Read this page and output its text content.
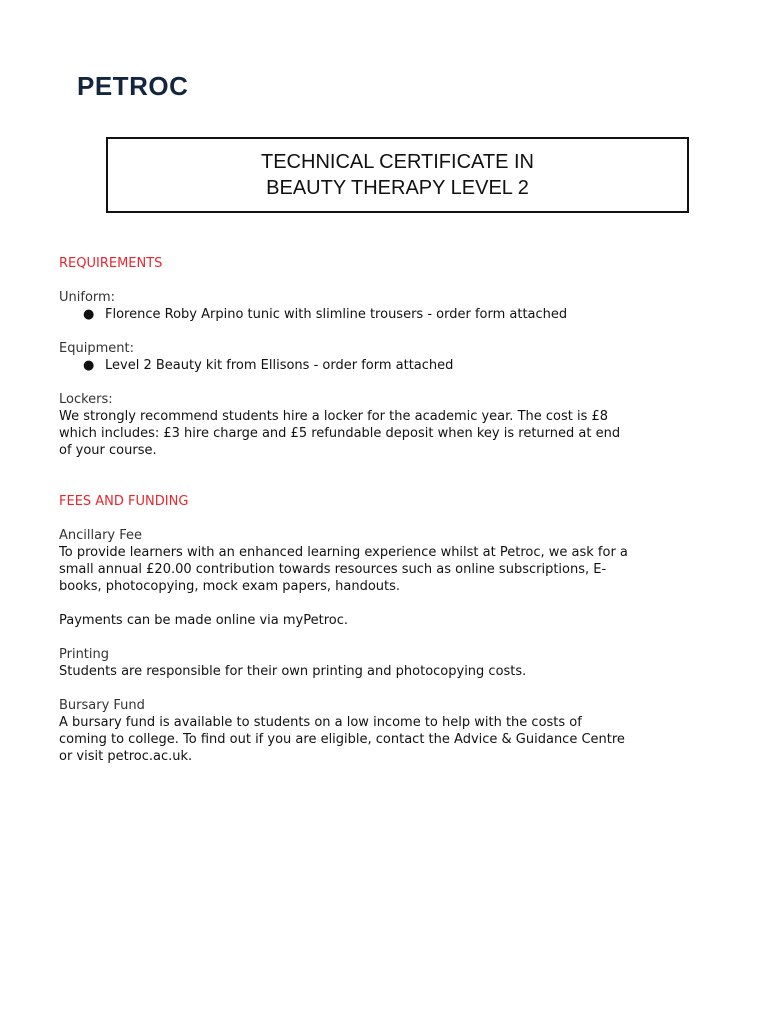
PETROC
TECHNICAL CERTIFICATE IN
BEAUTY THERAPY LEVEL 2

REQUIREMENTS

Uniform:

● Florence Roby Arpino tunic with slimline trousers - order form attached

Equipment:

● Level 2 Beauty kit from Ellisons - order form attached

Lockers:

We strongly recommend students hire a locker for the academic year. The cost is £8

which includes: £3 hire charge and £5 refundable deposit when key is returned at end

of your course.

FEES AND FUNDING

Ancillary Fee

To provide learners with an enhanced learning experience whilst at Petroc, we ask for a

small annual £20.00 contribution towards resources such as online subscriptions, E-

books, photocopying, mock exam papers, handouts.

Payments can be made online via myPetroc.

Printing

Students are responsible for their own printing and photocopying costs.

Bursary Fund

A bursary fund is available to students on a low income to help with the costs of

coming to college. To find out if you are eligible, contact the Advice & Guidance Centre

or visit petroc.ac.uk.
